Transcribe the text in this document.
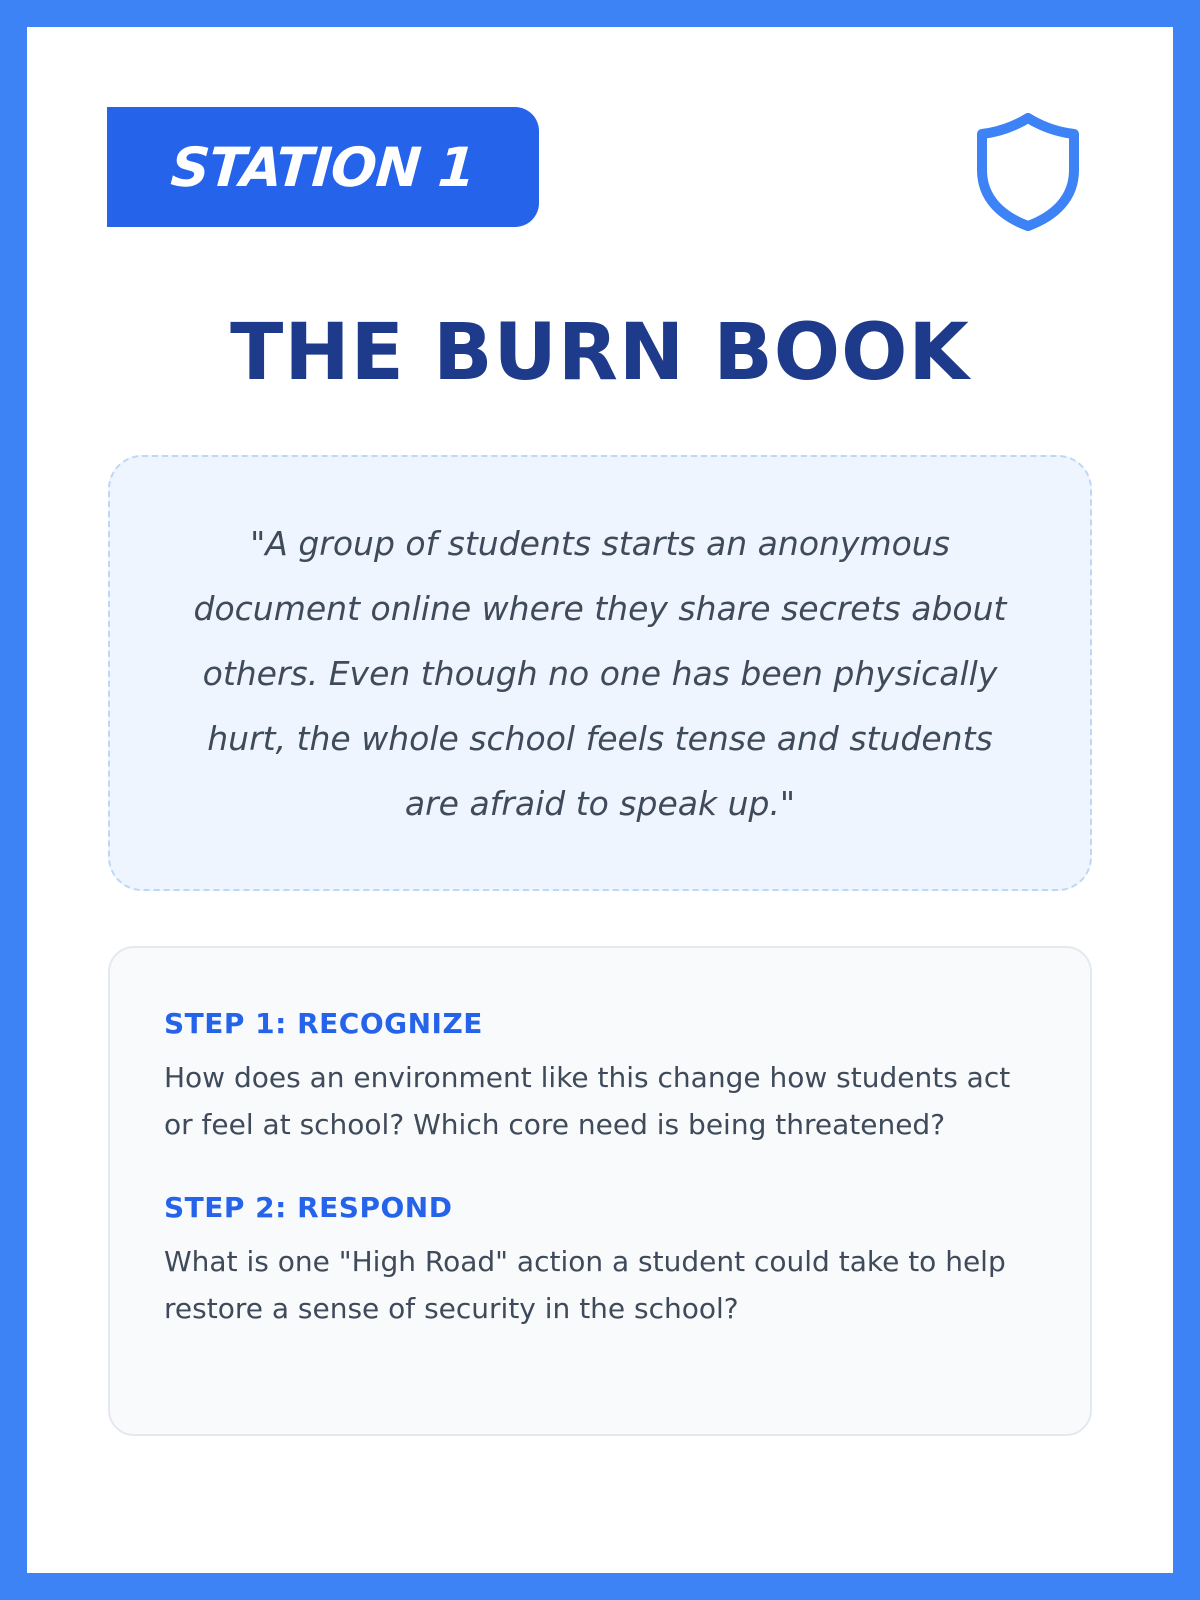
STATION 1
THE BURN BOOK

"A group of students starts an anonymous document online where they share secrets about others. Even though no one has been physically hurt, the whole school feels tense and students are afraid to speak up."

STEP 1: RECOGNIZE

How does an environment like this change how students act or feel at school? Which core need is being threatened?

STEP 2: RESPOND

What is one "High Road" action a student could take to help restore a sense of security in the school?
